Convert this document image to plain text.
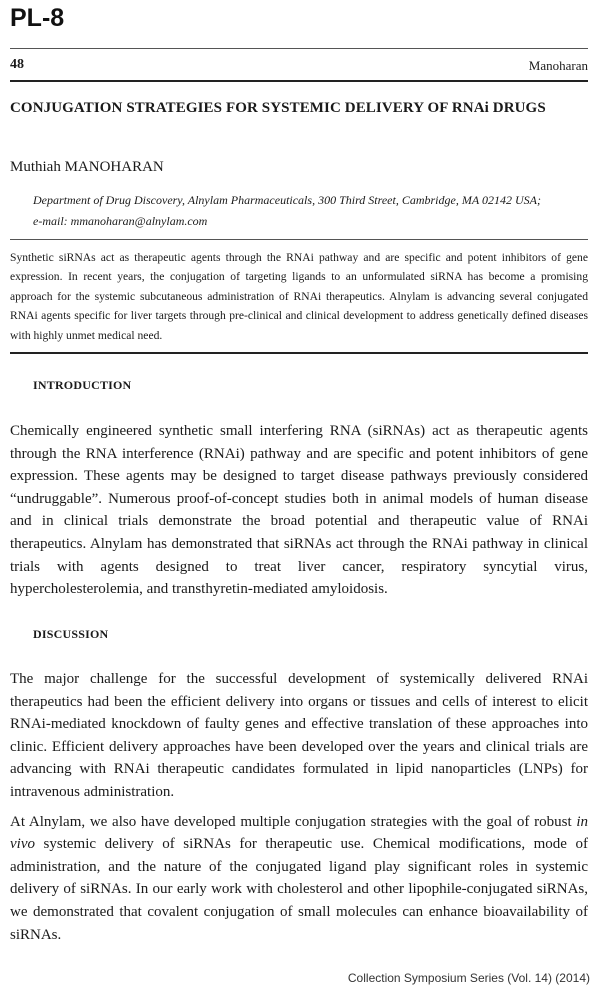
PL-8
48	Manoharan
CONJUGATION STRATEGIES FOR SYSTEMIC DELIVERY OF RNAi DRUGS
Muthiah MANOHARAN
Department of Drug Discovery, Alnylam Pharmaceuticals, 300 Third Street, Cambridge, MA 02142 USA;
e-mail: mmanoharan@alnylam.com
Synthetic siRNAs act as therapeutic agents through the RNAi pathway and are specific and potent inhibitors of gene expression. In recent years, the conjugation of targeting ligands to an unformulated siRNA has become a promising approach for the systemic subcutaneous administration of RNAi therapeutics. Alnylam is advancing several conjugated RNAi agents specific for liver targets through pre-clinical and clinical development to address genetically defined diseases with highly unmet medical need.
INTRODUCTION

Chemically engineered synthetic small interfering RNA (siRNAs) act as therapeutic agents through the RNA interference (RNAi) pathway and are specific and potent inhibitors of gene expression. These agents may be designed to target disease pathways previously considered “undruggable”. Numerous proof-of-concept studies both in animal models of human disease and in clinical trials demonstrate the broad potential and therapeutic value of RNAi therapeutics. Alnylam has demonstrated that siRNAs act through the RNAi pathway in clinical trials with agents designed to treat liver cancer, respiratory syncytial virus, hypercholesterolemia, and transthyretin-mediated amyloidosis.

DISCUSSION

The major challenge for the successful development of systemically delivered RNAi therapeutics had been the efficient delivery into organs or tissues and cells of interest to elicit RNAi-mediated knockdown of faulty genes and effective translation of these approaches into clinic. Efficient delivery approaches have been developed over the years and clinical trials are advancing with RNAi therapeutic candidates formulated in lipid nanoparticles (LNPs) for intravenous administration.

At Alnylam, we also have developed multiple conjugation strategies with the goal of robust in vivo systemic delivery of siRNAs for therapeutic use. Chemical modifications, mode of administration, and the nature of the conjugated ligand play significant roles in systemic delivery of siRNAs. In our early work with cholesterol and other lipophile-conjugated siRNAs, we demonstrated that covalent conjugation of small molecules can enhance bioavailability of siRNAs.

Collection Symposium Series (Vol. 14) (2014)
